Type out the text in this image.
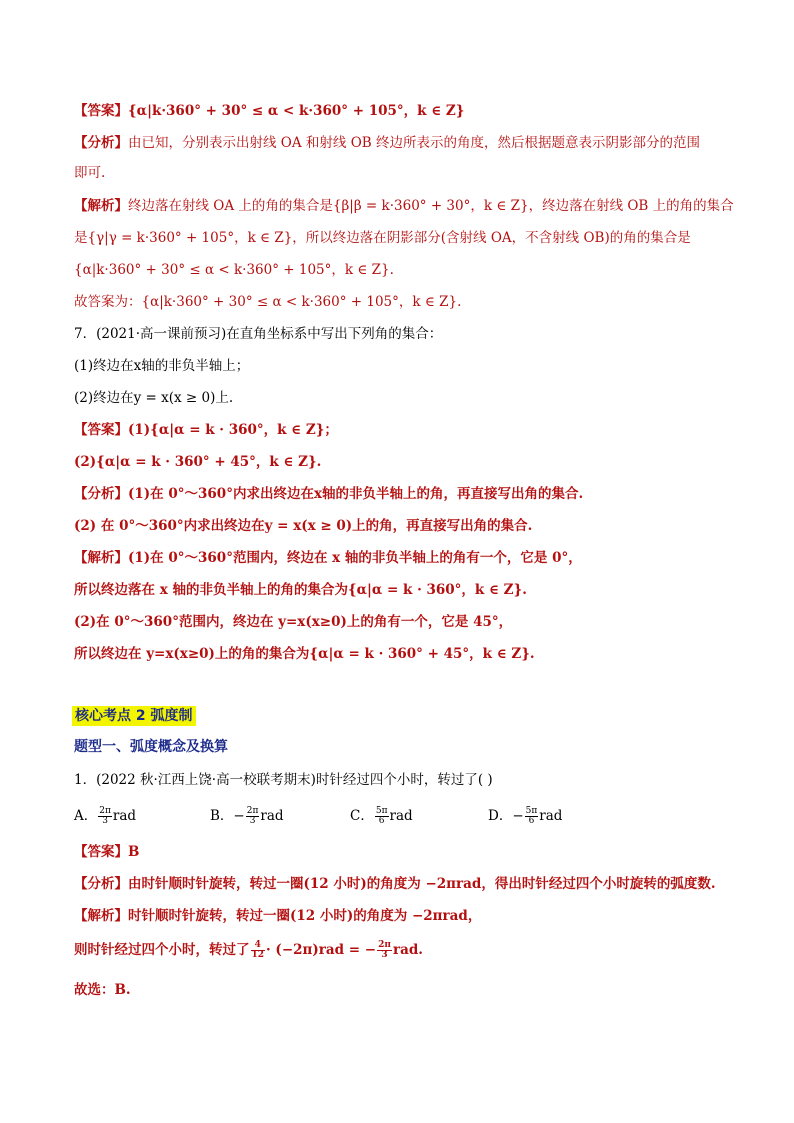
【答案】{α|k·360° + 30° ≤ α < k·360° + 105°，k ∈ Z}
【分析】由已知，分别表示出射线 OA 和射线 OB 终边所表示的角度，然后根据题意表示阴影部分的范围
即可.
【解析】终边落在射线 OA 上的角的集合是{β|β = k·360° + 30°，k ∈ Z}，终边落在射线 OB 上的角的集合
是{γ|γ = k·360° + 105°，k ∈ Z}，所以终边落在阴影部分(含射线 OA，不含射线 OB)的角的集合是
{α|k·360° + 30° ≤ α < k·360° + 105°，k ∈ Z}.
故答案为：{α|k·360° + 30° ≤ α < k·360° + 105°，k ∈ Z}.
7．(2021·高一课前预习)在直角坐标系中写出下列角的集合：
(1)终边在x轴的非负半轴上；
(2)终边在y = x(x ≥ 0)上.
【答案】(1){α|α = k · 360°，k ∈ Z}；
(2){α|α = k · 360° + 45°，k ∈ Z}.
【分析】(1)在 0°～360°内求出终边在x轴的非负半轴上的角，再直接写出角的集合.
(2) 在 0°～360°内求出终边在y = x(x ≥ 0)上的角，再直接写出角的集合.
【解析】(1)在 0°～360°范围内，终边在 x 轴的非负半轴上的角有一个，它是 0°，
所以终边落在 x 轴的非负半轴上的角的集合为{α|α = k · 360°，k ∈ Z}.
(2)在 0°～360°范围内，终边在 y=x(x≥0)上的角有一个，它是 45°，
所以终边在 y=x(x≥0)上的角的集合为{α|α = k · 360° + 45°，k ∈ Z}.
核心考点 2 弧度制
题型一、弧度概念及换算
1．(2022 秋·江西上饶·高一校联考期末)时针经过四个小时，转过了( )
A． $\frac{2\pi}{3}$ rad	B．− $\frac{2\pi}{3}$ rad	C． $\frac{5\pi}{6}$ rad	D．− $\frac{5\pi}{6}$ rad
【答案】B
【分析】由时针顺时针旋转，转过一圈(12 小时)的角度为 −2πrad，得出时针经过四个小时旋转的弧度数.
【解析】时针顺时针旋转，转过一圈(12 小时)的角度为 −2πrad，
则时针经过四个小时，转过了 $\frac{4}{12} \cdot (-2\pi)rad$ = − $\frac{2\pi}{3}$ rad.
故选：B.
